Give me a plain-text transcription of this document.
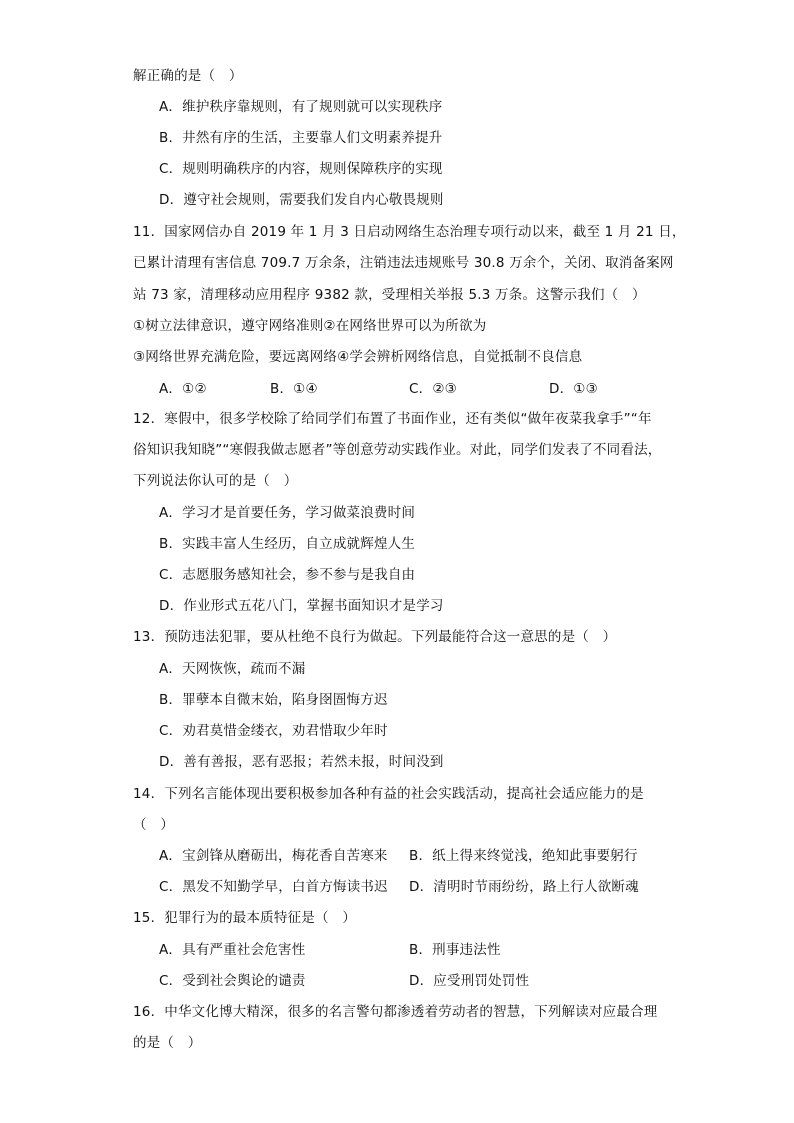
解正确的是（　）
A．维护秩序靠规则，有了规则就可以实现秩序
B．井然有序的生活，主要靠人们文明素养提升
C．规则明确秩序的内容，规则保障秩序的实现
D．遵守社会规则，需要我们发自内心敬畏规则
11．国家网信办自 2019 年 1 月 3 日启动网络生态治理专项行动以来，截至 1 月 21 日，
已累计清理有害信息 709.7 万余条，注销违法违规账号 30.8 万余个，关闭、取消备案网
站 73 家，清理移动应用程序 9382 款，受理相关举报 5.3 万条。这警示我们（　）
①树立法律意识，遵守网络准则②在网络世界可以为所欲为
③网络世界充满危险，要远离网络④学会辨析网络信息，自觉抵制不良信息
A．①②	B．①④	C．②③	D．①③
12．寒假中，很多学校除了给同学们布置了书面作业，还有类似“做年夜菜我拿手”“年
俗知识我知晓”“寒假我做志愿者”等创意劳动实践作业。对此，同学们发表了不同看法，
下列说法你认可的是（　）
A．学习才是首要任务，学习做菜浪费时间
B．实践丰富人生经历，自立成就辉煌人生
C．志愿服务感知社会，参不参与是我自由
D．作业形式五花八门，掌握书面知识才是学习
13．预防违法犯罪，要从杜绝不良行为做起。下列最能符合这一意思的是（　）
A．天网恢恢，疏而不漏
B．罪孽本自微末始，陷身囹圄悔方迟
C．劝君莫惜金缕衣，劝君惜取少年时
D．善有善报，恶有恶报；若然未报，时间没到
14．下列名言能体现出要积极参加各种有益的社会实践活动，提高社会适应能力的是
（　）
A．宝剑锋从磨砺出，梅花香自苦寒来 B．纸上得来终觉浅，绝知此事要躬行
C．黑发不知勤学早，白首方悔读书迟 D．清明时节雨纷纷，路上行人欲断魂
15．犯罪行为的最本质特征是（　）
A．具有严重社会危害性	B．刑事违法性
C．受到社会舆论的谴责	D．应受刑罚处罚性
16．中华文化博大精深，很多的名言警句都渗透着劳动者的智慧，下列解读对应最合理
的是（　）
